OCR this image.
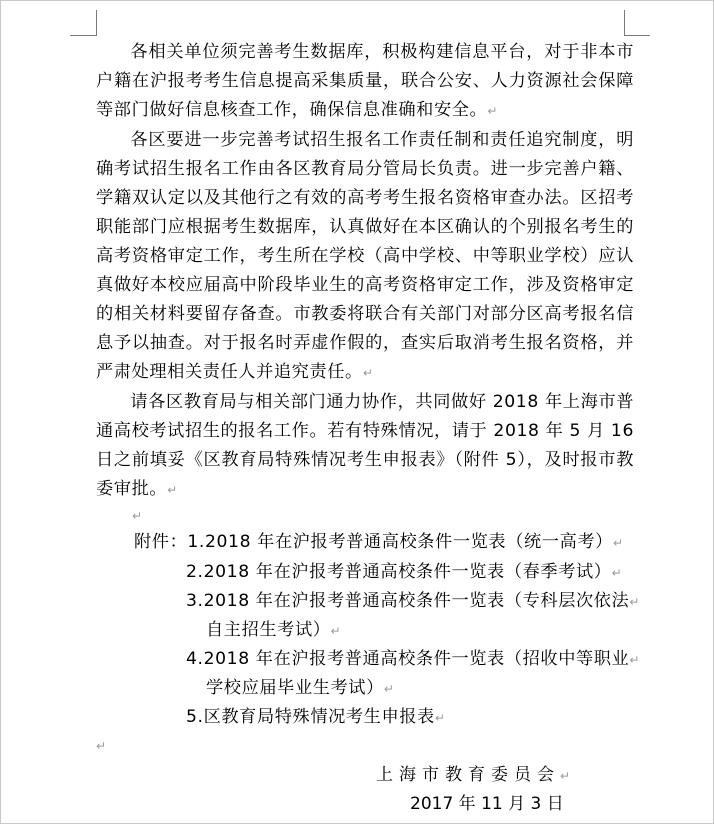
各相关单位须完善考生数据库，积极构建信息平台，对于非本市户籍在沪报考考生信息提高采集质量，联合公安、人力资源社会保障等部门做好信息核查工作，确保信息准确和安全。↵

各区要进一步完善考试招生报名工作责任制和责任追究制度，明确考试招生报名工作由各区教育局分管局长负责。进一步完善户籍、学籍双认定以及其他行之有效的高考考生报名资格审查办法。区招考职能部门应根据考生数据库，认真做好在本区确认的个别报名考生的高考资格审定工作，考生所在学校（高中学校、中等职业学校）应认真做好本校应届高中阶段毕业生的高考资格审定工作，涉及资格审定的相关材料要留存备查。市教委将联合有关部门对部分区高考报名信息予以抽查。对于报名时弄虚作假的，查实后取消考生报名资格，并严肃处理相关责任人并追究责任。↵

请各区教育局与相关部门通力协作，共同做好 2018 年上海市普通高校考试招生的报名工作。若有特殊情况，请于 2018 年 5 月 16 日之前填妥《区教育局特殊情况考生申报表》（附件 5），及时报市教委审批。↵

↵
附件：1.2018 年在沪报考普通高校条件一览表（统一高考）↵
2.2018 年在沪报考普通高校条件一览表（春季考试）↵
3.2018 年在沪报考普通高校条件一览表（专科层次依法↵
自主招生考试）↵
4.2018 年在沪报考普通高校条件一览表（招收中等职业↵
学校应届毕业生考试）↵
5.区教育局特殊情况考生申报表↵
↵
上海市教育委员会↵
2017 年 11 月 3 日
